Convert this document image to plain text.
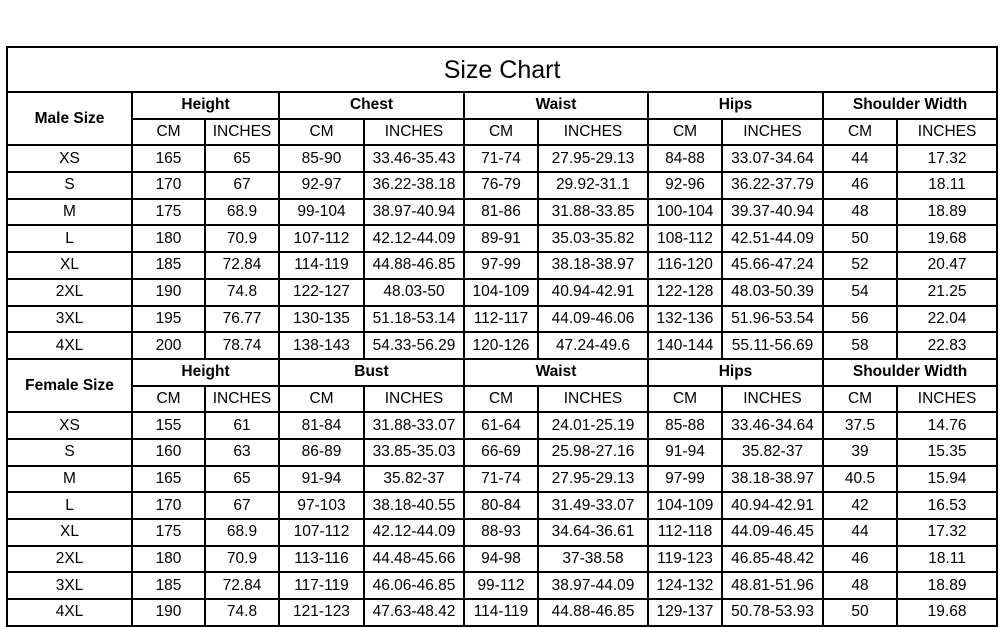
Size Chart										
Male Size	Height		Chest		Waist		Hips		Shoulder Width	
	CM	INCHES	CM	INCHES	CM	INCHES	CM	INCHES	CM	INCHES
XS	165	65	85-90	33.46-35.43	71-74	27.95-29.13	84-88	33.07-34.64	44	17.32
S	170	67	92-97	36.22-38.18	76-79	29.92-31.1	92-96	36.22-37.79	46	18.11
M	175	68.9	99-104	38.97-40.94	81-86	31.88-33.85	100-104	39.37-40.94	48	18.89
L	180	70.9	107-112	42.12-44.09	89-91	35.03-35.82	108-112	42.51-44.09	50	19.68
XL	185	72.84	114-119	44.88-46.85	97-99	38.18-38.97	116-120	45.66-47.24	52	20.47
2XL	190	74.8	122-127	48.03-50	104-109	40.94-42.91	122-128	48.03-50.39	54	21.25
3XL	195	76.77	130-135	51.18-53.14	112-117	44.09-46.06	132-136	51.96-53.54	56	22.04
4XL	200	78.74	138-143	54.33-56.29	120-126	47.24-49.6	140-144	55.11-56.69	58	22.83
Female Size	Height		Bust		Waist		Hips		Shoulder Width	
	CM	INCHES	CM	INCHES	CM	INCHES	CM	INCHES	CM	INCHES
XS	155	61	81-84	31.88-33.07	61-64	24.01-25.19	85-88	33.46-34.64	37.5	14.76
S	160	63	86-89	33.85-35.03	66-69	25.98-27.16	91-94	35.82-37	39	15.35
M	165	65	91-94	35.82-37	71-74	27.95-29.13	97-99	38.18-38.97	40.5	15.94
L	170	67	97-103	38.18-40.55	80-84	31.49-33.07	104-109	40.94-42.91	42	16.53
XL	175	68.9	107-112	42.12-44.09	88-93	34.64-36.61	112-118	44.09-46.45	44	17.32
2XL	180	70.9	113-116	44.48-45.66	94-98	37-38.58	119-123	46.85-48.42	46	18.11
3XL	185	72.84	117-119	46.06-46.85	99-112	38.97-44.09	124-132	48.81-51.96	48	18.89
4XL	190	74.8	121-123	47.63-48.42	114-119	44.88-46.85	129-137	50.78-53.93	50	19.68
